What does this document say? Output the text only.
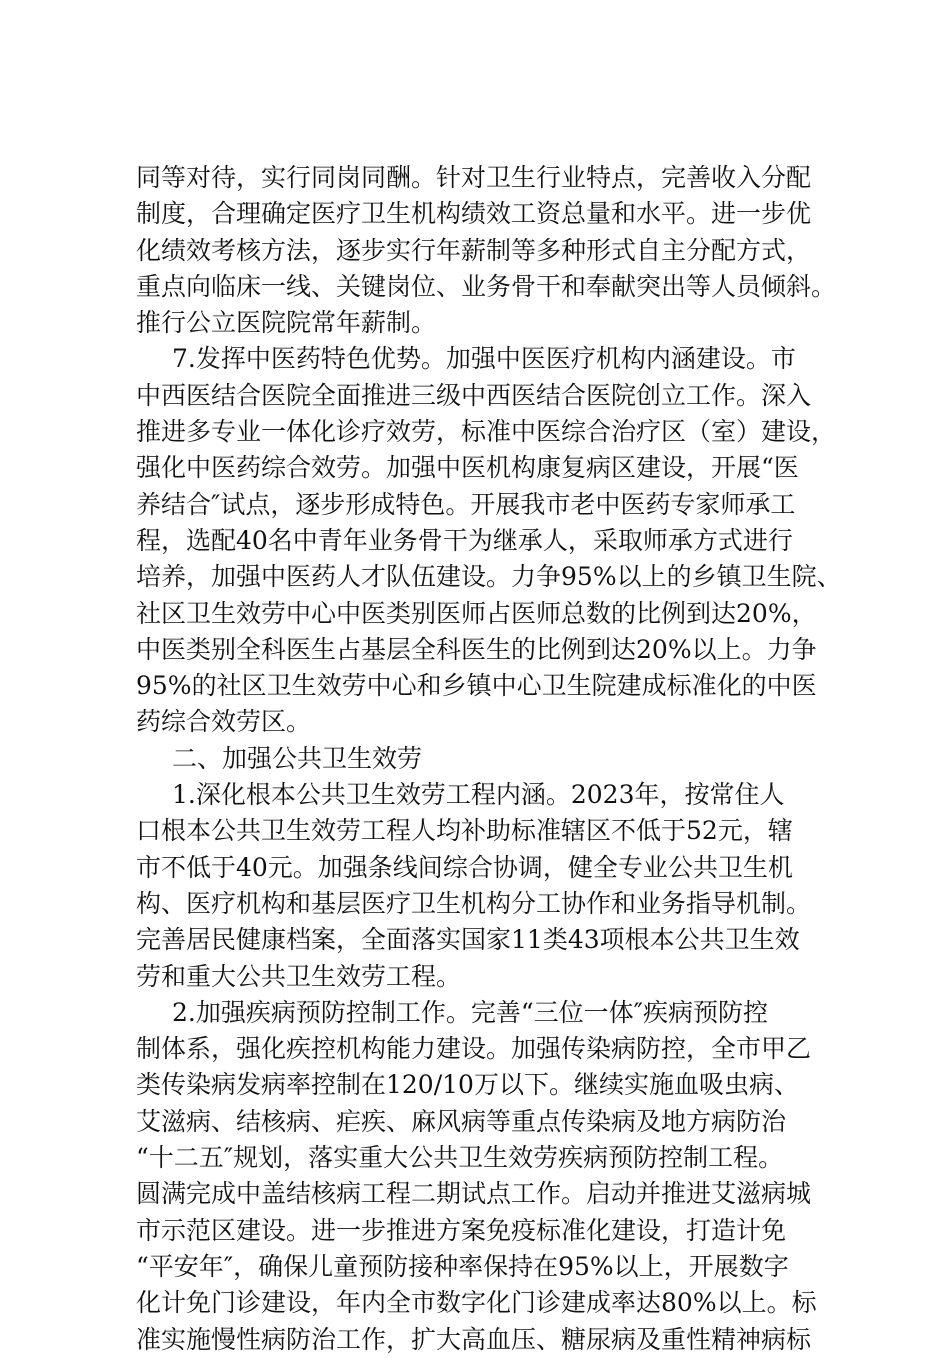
同等对待，实行同岗同酬。针对卫生行业特点，完善收入分配
制度，合理确定医疗卫生机构绩效工资总量和水平。进一步优
化绩效考核方法，逐步实行年薪制等多种形式自主分配方式，
重点向临床一线、关键岗位、业务骨干和奉献突出等人员倾斜。
推行公立医院院常年薪制。
7.发挥中医药特色优势。加强中医医疗机构内涵建设。市
中西医结合医院全面推进三级中西医结合医院创立工作。深入
推进多专业一体化诊疗效劳，标准中医综合治疗区（室）建设，
强化中医药综合效劳。加强中医机构康复病区建设，开展“医
养结合″试点，逐步形成特色。开展我市老中医药专家师承工
程，选配40名中青年业务骨干为继承人，采取师承方式进行
培养，加强中医药人才队伍建设。力争95%以上的乡镇卫生院、
社区卫生效劳中心中医类别医师占医师总数的比例到达20%，
中医类别全科医生占基层全科医生的比例到达20%以上。力争
95%的社区卫生效劳中心和乡镇中心卫生院建成标准化的中医
药综合效劳区。
二、加强公共卫生效劳
1.深化根本公共卫生效劳工程内涵。2023年，按常住人
口根本公共卫生效劳工程人均补助标准辖区不低于52元，辖
市不低于40元。加强条线间综合协调，健全专业公共卫生机
构、医疗机构和基层医疗卫生机构分工协作和业务指导机制。
完善居民健康档案，全面落实国家11类43项根本公共卫生效
劳和重大公共卫生效劳工程。
2.加强疾病预防控制工作。完善“三位一体″疾病预防控
制体系，强化疾控机构能力建设。加强传染病防控，全市甲乙
类传染病发病率控制在120/10万以下。继续实施血吸虫病、
艾滋病、结核病、疟疾、麻风病等重点传染病及地方病防治
“十二五″规划，落实重大公共卫生效劳疾病预防控制工程。
圆满完成中盖结核病工程二期试点工作。启动并推进艾滋病城
市示范区建设。进一步推进方案免疫标准化建设，打造计免
“平安年″，确保儿童预防接种率保持在95%以上，开展数字
化计免门诊建设，年内全市数字化门诊建成率达80%以上。标
准实施慢性病防治工作，扩大高血压、糖尿病及重性精神病标
